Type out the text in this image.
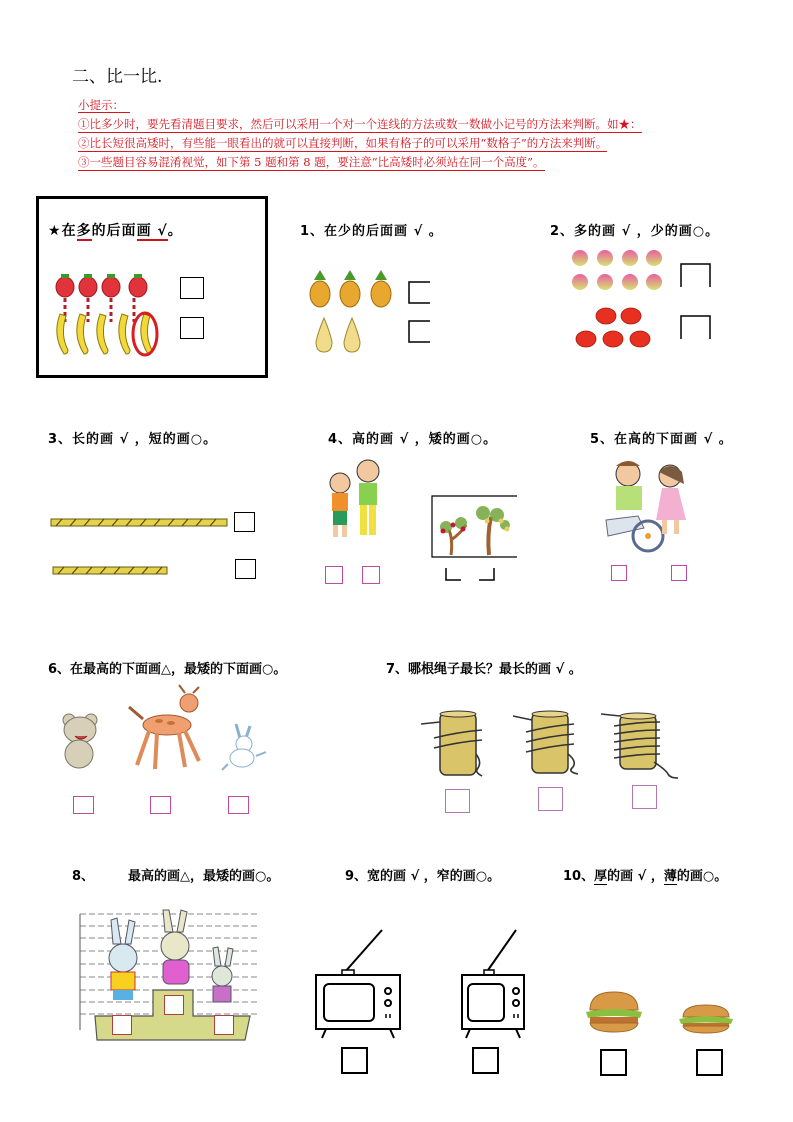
二、比一比.
小提示：
①比多少时，要先看清题目要求，然后可以采用一个对一个连线的方法或数一数做小记号的方法来判断。如★：
②比长短很高矮时，有些能一眼看出的就可以直接判断，如果有格子的可以采用“数格子”的方法来判断。
③一些题目容易混淆视觉，如下第 5 题和第 8 题，要注意“比高矮时必须站在同一个高度”。
★在多的后面画 √。	1、在少的后面画 √ 。	2、多的画 √ ，少的画○。
3、长的画 √ ，短的画○。	4、高的画 √ ，矮的画○。	5、在高的下面画 √ 。
6、在最高的下面画△，最矮的下面画○。	7、哪根绳子最长？最长的画 √ 。
8、	最高的画△，最矮的画○。	9、宽的画 √ ，窄的画○。	10、厚的画 √ ，薄的画○。
